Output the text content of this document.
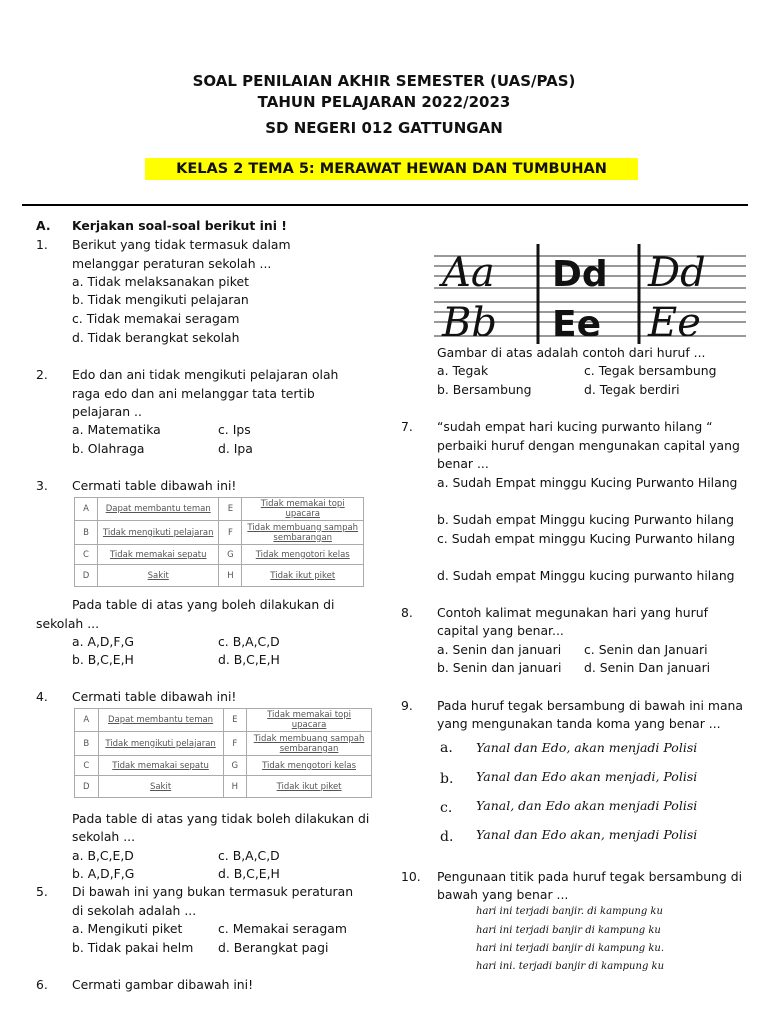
SOAL PENILAIAN AKHIR SEMESTER (UAS/PAS)
TAHUN PELAJARAN 2022/2023
SD NEGERI 012 GATTUNGAN
KELAS 2 TEMA 5: MERAWAT HEWAN DAN TUMBUHAN
A. Kerjakan soal-soal berikut ini !
1. Berikut yang tidak termasuk dalam
melanggar peraturan sekolah ...
a. Tidak melaksanakan piket
b. Tidak mengikuti pelajaran
c. Tidak memakai seragam
d. Tidak berangkat sekolah
2. Edo dan ani tidak mengikuti pelajaran olah
raga edo dan ani melanggar tata tertib
pelajaran ..
a. Matematika	c. Ips
b. Olahraga	d. Ipa
3. Cermati table dibawah ini!
A	Dapat membantu teman	E	Tidak memakai topi upacara
B	Tidak mengikuti pelajaran	F	Tidak membuang sampah sembarangan
C	Tidak memakai sepatu	G	Tidak mengotori kelas
D	Sakit	H	Tidak ikut piket
Pada table di atas yang boleh dilakukan di
sekolah ...
a. A,D,F,G	c. B,A,C,D
b. B,C,E,H	d. B,C,E,H
4. Cermati table dibawah ini!
A	Dapat membantu teman	E	Tidak memakai topi upacara
B	Tidak mengikuti pelajaran	F	Tidak membuang sampah sembarangan
C	Tidak memakai sepatu	G	Tidak mengotori kelas
D	Sakit	H	Tidak ikut piket
Pada table di atas yang tidak boleh dilakukan di
sekolah ...
a. B,C,E,D	c. B,A,C,D
b. A,D,F,G	d. B,C,E,H
5. Di bawah ini yang bukan termasuk peraturan
di sekolah adalah ...
a. Mengikuti piket	c. Memakai seragam
b. Tidak pakai helm d. Berangkat pagi
6. Cermati gambar dibawah ini!
Aa Dd Dd
Bb Ee Ee
Gambar di atas adalah contoh dari huruf ...
a. Tegak	c. Tegak bersambung
b. Bersambung	d. Tegak berdiri
7. “sudah empat hari kucing purwanto hilang “
perbaiki huruf dengan mengunakan capital yang
benar ...
a. Sudah Empat minggu Kucing Purwanto Hilang
b. Sudah empat Minggu kucing Purwanto hilang
c. Sudah empat minggu Kucing Purwanto hilang
d. Sudah empat Minggu kucing purwanto hilang
8. Contoh kalimat megunakan hari yang huruf
capital yang benar...
a. Senin dan januari c. Senin dan Januari
b. Senin dan januari d. Senin Dan januari
9. Pada huruf tegak bersambung di bawah ini mana
yang mengunakan tanda koma yang benar ...
a. Yanal dan Edo, akan menjadi Polisi
b. Yanal dan Edo akan menjadi, Polisi
c. Yanal, dan Edo akan menjadi Polisi
d. Yanal dan Edo akan, menjadi Polisi
10. Pengunaan titik pada huruf tegak bersambung di
bawah yang benar ...
hari ini terjadi banjir. di kampung ku
hari ini terjadi banjir di kampung ku
hari ini terjadi banjir di kampung ku.
hari ini. terjadi banjir di kampung ku
